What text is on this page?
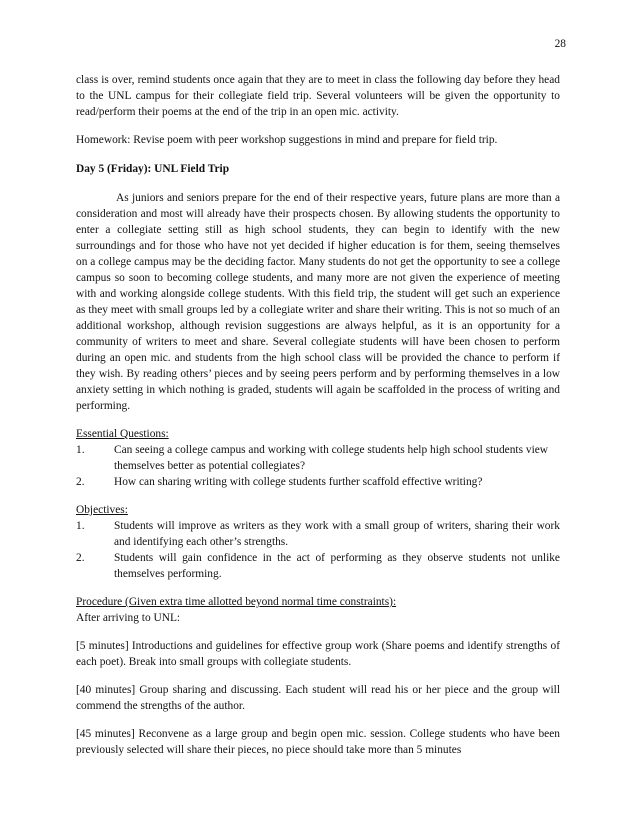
28

class is over, remind students once again that they are to meet in class the following day before they head to the UNL campus for their collegiate field trip. Several volunteers will be given the opportunity to read/perform their poems at the end of the trip in an open mic. activity.

Homework: Revise poem with peer workshop suggestions in mind and prepare for field trip.

Day 5 (Friday): UNL Field Trip

As juniors and seniors prepare for the end of their respective years, future plans are more than a consideration and most will already have their prospects chosen. By allowing students the opportunity to enter a collegiate setting still as high school students, they can begin to identify with the new surroundings and for those who have not yet decided if higher education is for them, seeing themselves on a college campus may be the deciding factor. Many students do not get the opportunity to see a college campus so soon to becoming college students, and many more are not given the experience of meeting with and working alongside college students. With this field trip, the student will get such an experience as they meet with small groups led by a collegiate writer and share their writing. This is not so much of an additional workshop, although revision suggestions are always helpful, as it is an opportunity for a community of writers to meet and share. Several collegiate students will have been chosen to perform during an open mic. and students from the high school class will be provided the chance to perform if they wish. By reading others’ pieces and by seeing peers perform and by performing themselves in a low anxiety setting in which nothing is graded, students will again be scaffolded in the process of writing and performing.

Essential Questions:

1.	Can seeing a college campus and working with college students help high school students view themselves better as potential collegiates?
2.	How can sharing writing with college students further scaffold effective writing?

Objectives:

1.	Students will improve as writers as they work with a small group of writers, sharing their work and identifying each other’s strengths.
2.	Students will gain confidence in the act of performing as they observe students not unlike themselves performing.

Procedure (Given extra time allotted beyond normal time constraints):

After arriving to UNL:

[5 minutes] Introductions and guidelines for effective group work (Share poems and identify strengths of each poet). Break into small groups with collegiate students.

[40 minutes] Group sharing and discussing. Each student will read his or her piece and the group will commend the strengths of the author.

[45 minutes] Reconvene as a large group and begin open mic. session. College students who have been previously selected will share their pieces, no piece should take more than 5 minutes
